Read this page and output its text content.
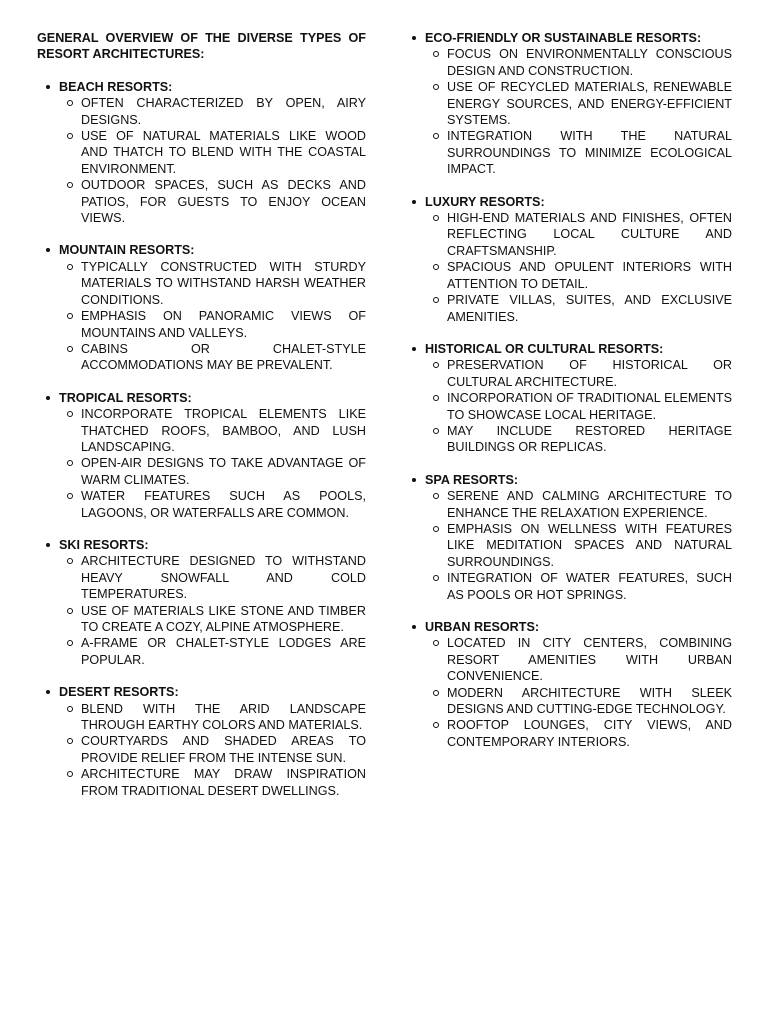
GENERAL OVERVIEW OF THE DIVERSE TYPES OF RESORT ARCHITECTURES:

BEACH RESORTS:
OFTEN CHARACTERIZED BY OPEN, AIRY DESIGNS.
USE OF NATURAL MATERIALS LIKE WOOD AND THATCH TO BLEND WITH THE COASTAL ENVIRONMENT.
OUTDOOR SPACES, SUCH AS DECKS AND PATIOS, FOR GUESTS TO ENJOY OCEAN VIEWS.
MOUNTAIN RESORTS:
TYPICALLY CONSTRUCTED WITH STURDY MATERIALS TO WITHSTAND HARSH WEATHER CONDITIONS.
EMPHASIS ON PANORAMIC VIEWS OF MOUNTAINS AND VALLEYS.
CABINS OR CHALET-STYLE ACCOMMODATIONS MAY BE PREVALENT.
TROPICAL RESORTS:
INCORPORATE TROPICAL ELEMENTS LIKE THATCHED ROOFS, BAMBOO, AND LUSH LANDSCAPING.
OPEN-AIR DESIGNS TO TAKE ADVANTAGE OF WARM CLIMATES.
WATER FEATURES SUCH AS POOLS, LAGOONS, OR WATERFALLS ARE COMMON.
SKI RESORTS:
ARCHITECTURE DESIGNED TO WITHSTAND HEAVY SNOWFALL AND COLD TEMPERATURES.
USE OF MATERIALS LIKE STONE AND TIMBER TO CREATE A COZY, ALPINE ATMOSPHERE.
A-FRAME OR CHALET-STYLE LODGES ARE POPULAR.
DESERT RESORTS:
BLEND WITH THE ARID LANDSCAPE THROUGH EARTHY COLORS AND MATERIALS.
COURTYARDS AND SHADED AREAS TO PROVIDE RELIEF FROM THE INTENSE SUN.
ARCHITECTURE MAY DRAW INSPIRATION FROM TRADITIONAL DESERT DWELLINGS.
ECO-FRIENDLY OR SUSTAINABLE RESORTS:
FOCUS ON ENVIRONMENTALLY CONSCIOUS DESIGN AND CONSTRUCTION.
USE OF RECYCLED MATERIALS, RENEWABLE ENERGY SOURCES, AND ENERGY-EFFICIENT SYSTEMS.
INTEGRATION WITH THE NATURAL SURROUNDINGS TO MINIMIZE ECOLOGICAL IMPACT.
LUXURY RESORTS:
HIGH-END MATERIALS AND FINISHES, OFTEN REFLECTING LOCAL CULTURE AND CRAFTSMANSHIP.
SPACIOUS AND OPULENT INTERIORS WITH ATTENTION TO DETAIL.
PRIVATE VILLAS, SUITES, AND EXCLUSIVE AMENITIES.
HISTORICAL OR CULTURAL RESORTS:
PRESERVATION OF HISTORICAL OR CULTURAL ARCHITECTURE.
INCORPORATION OF TRADITIONAL ELEMENTS TO SHOWCASE LOCAL HERITAGE.
MAY INCLUDE RESTORED HERITAGE BUILDINGS OR REPLICAS.
SPA RESORTS:
SERENE AND CALMING ARCHITECTURE TO ENHANCE THE RELAXATION EXPERIENCE.
EMPHASIS ON WELLNESS WITH FEATURES LIKE MEDITATION SPACES AND NATURAL SURROUNDINGS.
INTEGRATION OF WATER FEATURES, SUCH AS POOLS OR HOT SPRINGS.
URBAN RESORTS:
LOCATED IN CITY CENTERS, COMBINING RESORT AMENITIES WITH URBAN CONVENIENCE.
MODERN ARCHITECTURE WITH SLEEK DESIGNS AND CUTTING-EDGE TECHNOLOGY.
ROOFTOP LOUNGES, CITY VIEWS, AND CONTEMPORARY INTERIORS.
